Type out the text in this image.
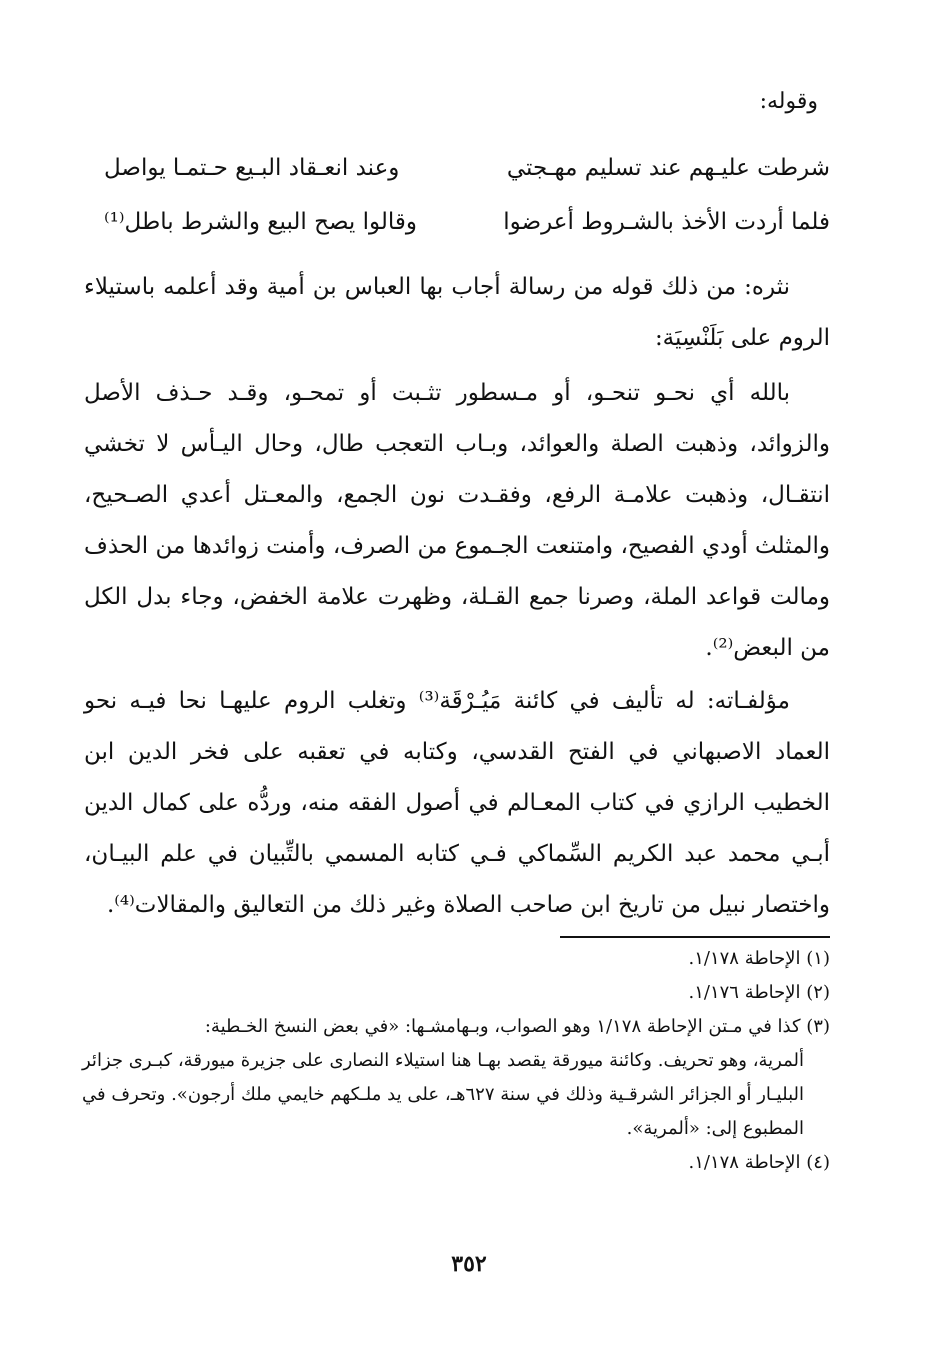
وقوله:

شرطت عليـهم عند تسليم مهـجتي
وعند انعـقاد البـيع حـتمـا يواصل
فلما أردت الأخذ بالشـروط أعرضوا
وقالوا يصح البيع والشرط باطل⁽¹⁾

نثره: من ذلك قوله من رسالة أجاب بها العباس بن أمية وقد أعلمه باستيلاء الروم على بَلَنْسِيَة:

بالله أي نحـو تنحـو، أو مـسطور تثـبت أو تمحـو، وقـد حـذف الأصل والزوائد، وذهبت الصلة والعوائد، وبـاب التعجب طال، وحال اليـأس لا تخشي انتقـال، وذهبت علامـة الرفع، وفقـدت نون الجمع، والمعـتل أعدي الصـحيح، والمثلث أودي الفصيح، وامتنعت الجـموع من الصرف، وأمنت زوائدها من الحذف ومالت قواعد الملة، وصرنا جمع القـلة، وظهرت علامة الخفض، وجاء بدل الكل من البعض⁽²⁾.

مؤلفـاته: له تأليف في كائنة مَيُـرْقَة⁽³⁾ وتغلب الروم عليهـا نحا فيـه نحو العماد الاصبهاني في الفتح القدسي، وكتابه في تعقبه على فخر الدين ابن الخطيب الرازي في كتاب المعـالم في أصول الفقه منه، وردُّه على كمال الدين أبـي محمد عبد الكريم السِّماكي فـي كتابه المسمي بالتِّبيان في علم البيـان، واختصار نبيل من تاريخ ابن صاحب الصلاة وغير ذلك من التعاليق والمقالات⁽⁴⁾.

(١) الإحاطة ١/١٧٨.
(٢) الإحاطة ١/١٧٦.
(٣) كذا في مـتن الإحاطة ١/١٧٨ وهو الصواب، وبـهامشـها: «في بعض النسخ الخـطية:
ألمرية، وهو تحريف. وكائنة ميورقة يقصد بهـا هنا استيلاء النصارى على جزيرة ميورقة، كبـرى جزائر البليـار أو الجزائر الشرقـية وذلك في سنة ٦٢٧هـ، على يد ملـكهم خايمي ملك أرجون». وتحرف في المطبوع إلى: «ألمرية».
(٤) الإحاطة ١/١٧٨.
٣٥٢
